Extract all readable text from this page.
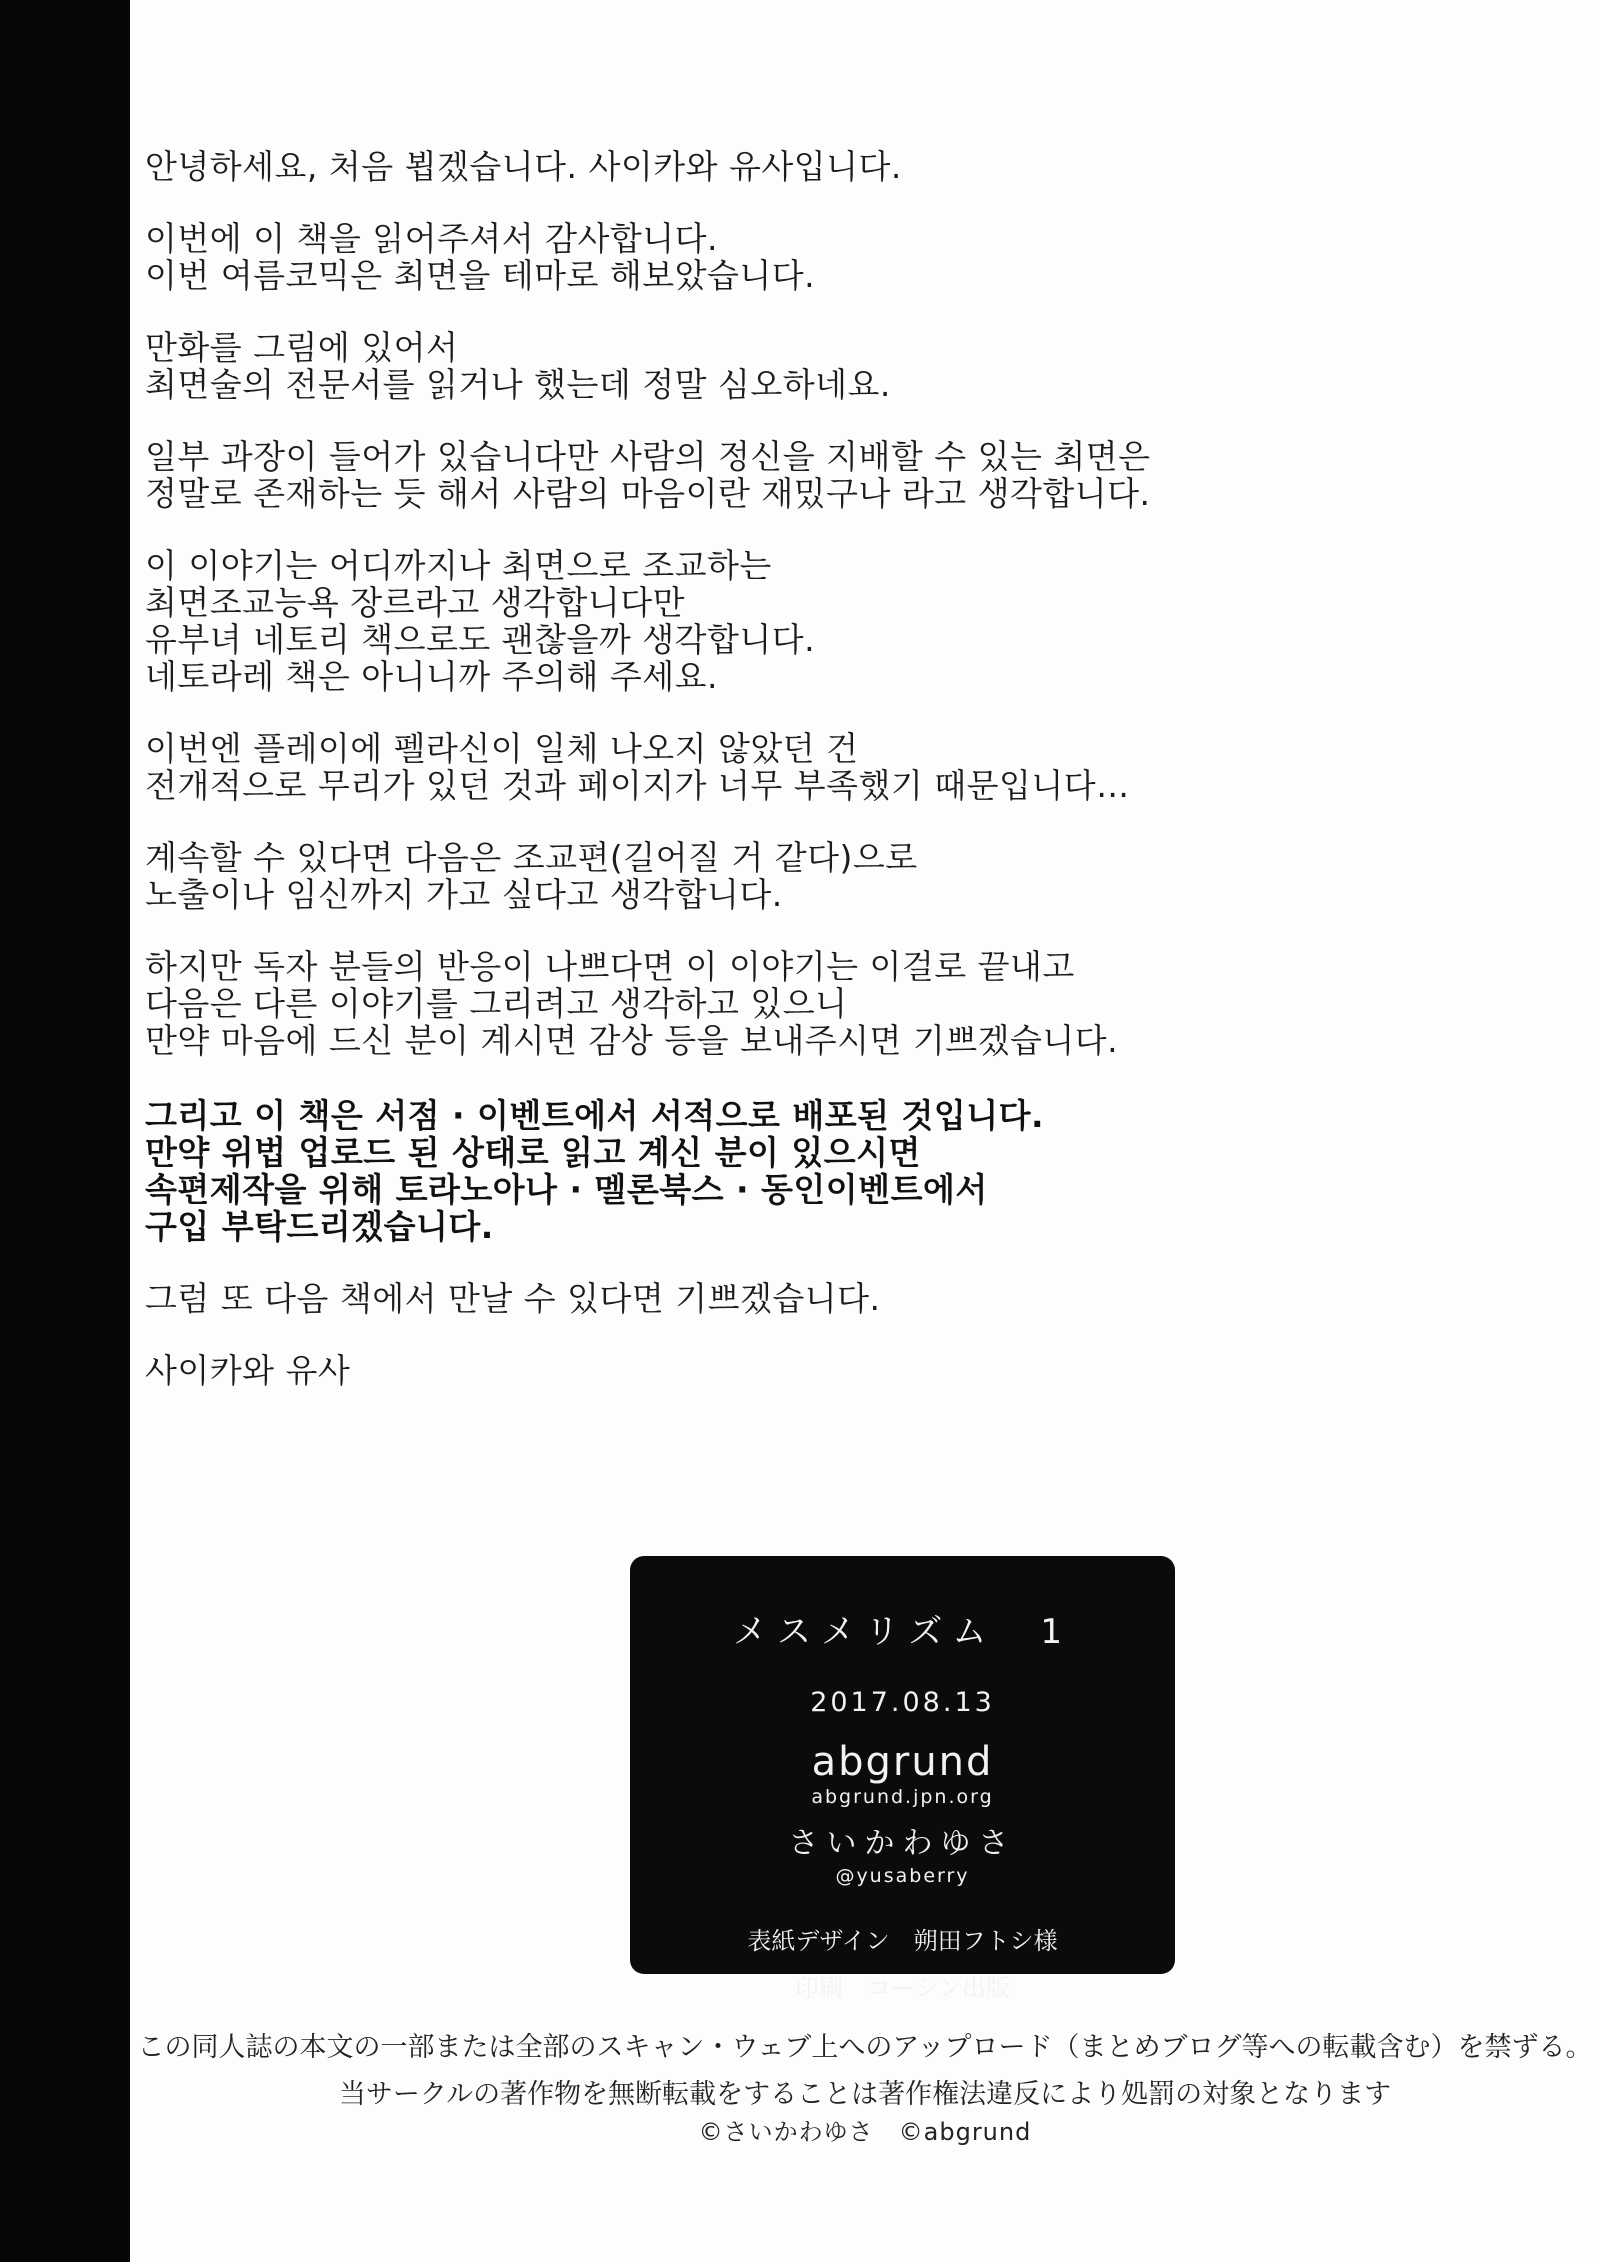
안녕하세요, 처음 뵙겠습니다. 사이카와 유사입니다.

이번에 이 책을 읽어주셔서 감사합니다.
이번 여름코믹은 최면을 테마로 해보았습니다.

만화를 그림에 있어서
최면술의 전문서를 읽거나 했는데 정말 심오하네요.

일부 과장이 들어가 있습니다만 사람의 정신을 지배할 수 있는 최면은
정말로 존재하는 듯 해서 사람의 마음이란 재밌구나 라고 생각합니다.

이 이야기는 어디까지나 최면으로 조교하는
최면조교능욕 장르라고 생각합니다만
유부녀 네토리 책으로도 괜찮을까 생각합니다.
네토라레 책은 아니니까 주의해 주세요.

이번엔 플레이에 펠라신이 일체 나오지 않았던 건
전개적으로 무리가 있던 것과 페이지가 너무 부족했기 때문입니다…

계속할 수 있다면 다음은 조교편(길어질 거 같다)으로
노출이나 임신까지 가고 싶다고 생각합니다.

하지만 독자 분들의 반응이 나쁘다면 이 이야기는 이걸로 끝내고
다음은 다른 이야기를 그리려고 생각하고 있으니
만약 마음에 드신 분이 계시면 감상 등을 보내주시면 기쁘겠습니다.

그리고 이 책은 서점 · 이벤트에서 서적으로 배포된 것입니다.
만약 위법 업로드 된 상태로 읽고 계신 분이 있으시면
속편제작을 위해 토라노아나 · 멜론북스 · 동인이벤트에서
구입 부탁드리겠습니다.

그럼 또 다음 책에서 만날 수 있다면 기쁘겠습니다.

사이카와 유사

メスメリズム　1
2017.08.13
abgrund
abgrund.jpn.org
さいかわゆさ
@yusaberry
表紙デザイン　朔田フトシ様
印刷　コーシン出版
この同人誌の本文の一部または全部のスキャン・ウェブ上へのアップロード（まとめブログ等への転載含む）を禁ずる。
当サークルの著作物を無断転載をすることは著作権法違反により処罰の対象となります
©さいかわゆさ　©abgrund
